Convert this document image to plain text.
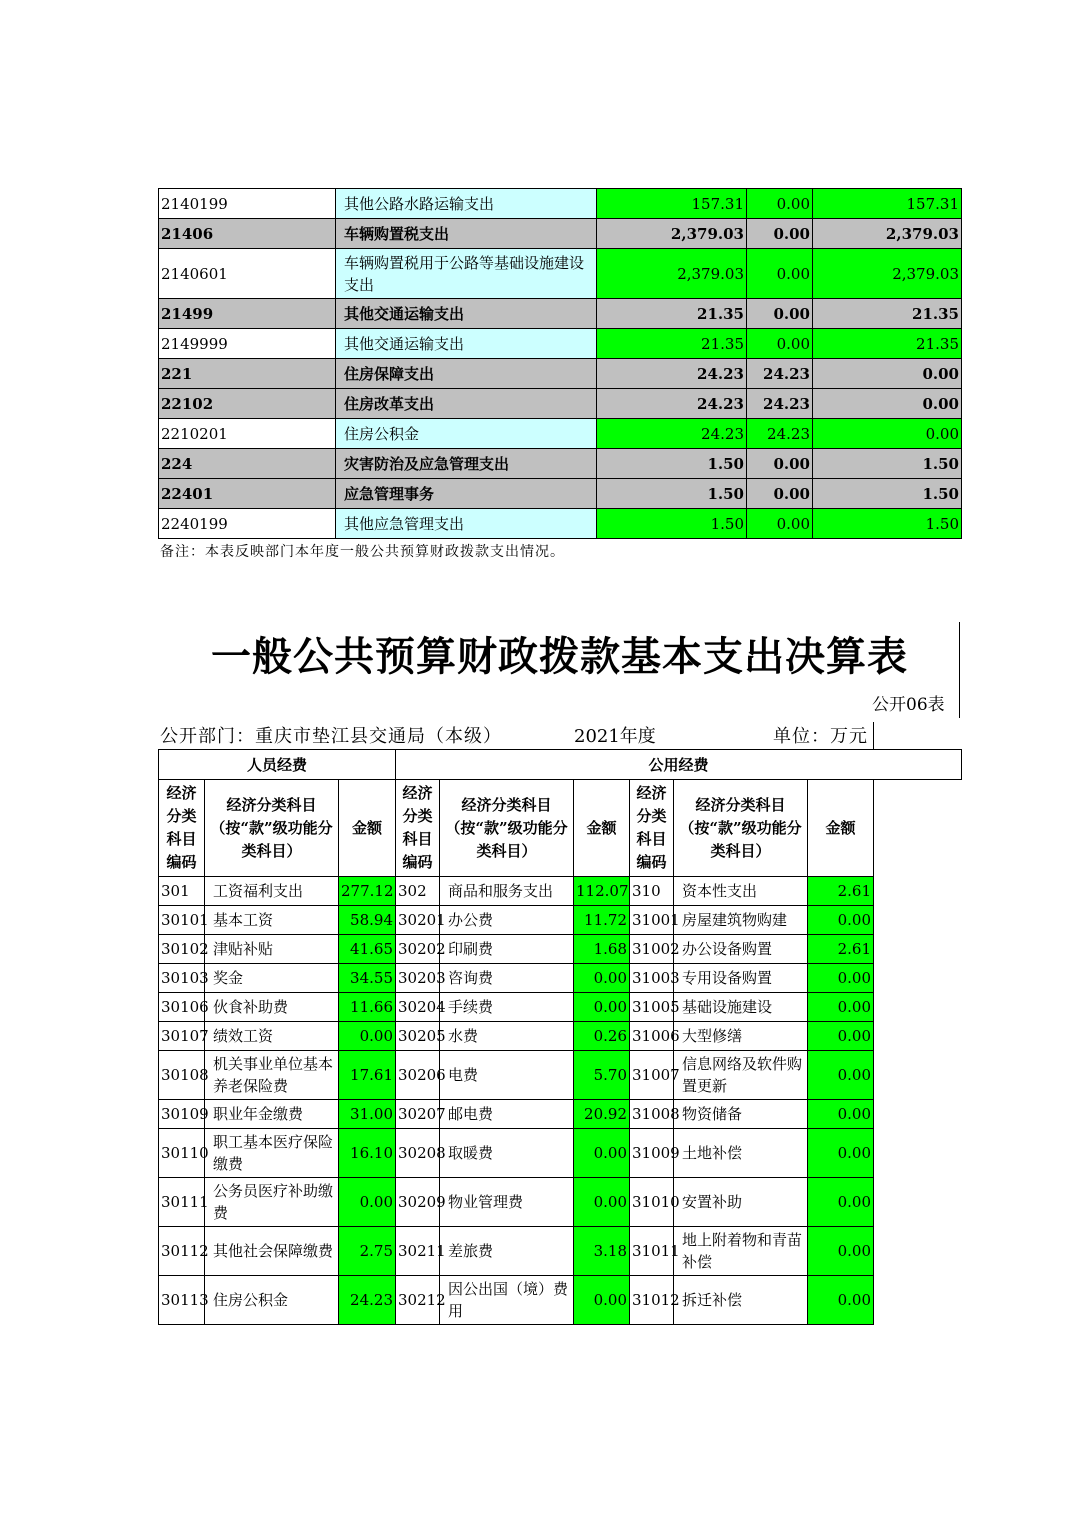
2140199	其他公路水路运输支出	157.31	0.00	157.31
21406	车辆购置税支出	2,379.03	0.00	2,379.03
2140601	车辆购置税用于公路等基础设施建设支出	2,379.03	0.00	2,379.03
21499	其他交通运输支出	21.35	0.00	21.35
2149999	其他交通运输支出	21.35	0.00	21.35
221	住房保障支出	24.23	24.23	0.00
22102	住房改革支出	24.23	24.23	0.00
2210201	住房公积金	24.23	24.23	0.00
224	灾害防治及应急管理支出	1.50	0.00	1.50
22401	应急管理事务	1.50	0.00	1.50
2240199	其他应急管理支出	1.50	0.00	1.50
备注：本表反映部门本年度一般公共预算财政拨款支出情况。
一般公共预算财政拨款基本支出决算表
公开06表
公开部门：重庆市垫江县交通局（本级）	2021年度	单位：万元
人员经费	公用经费
经济分类科目编码	经济分类科目（按“款”级功能分类科目）	金额	经济分类科目编码	经济分类科目（按“款”级功能分类科目）	金额	经济分类科目编码	经济分类科目（按“款”级功能分类科目）	金额
301	工资福利支出	277.12	302	商品和服务支出	112.07	310	资本性支出	2.61
30101	基本工资	58.94	30201	办公费	11.72	31001	房屋建筑物购建	0.00
30102	津贴补贴	41.65	30202	印刷费	1.68	31002	办公设备购置	2.61
30103	奖金	34.55	30203	咨询费	0.00	31003	专用设备购置	0.00
30106	伙食补助费	11.66	30204	手续费	0.00	31005	基础设施建设	0.00
30107	绩效工资	0.00	30205	水费	0.26	31006	大型修缮	0.00
30108	机关事业单位基本养老保险费	17.61	30206	电费	5.70	31007	信息网络及软件购置更新	0.00
30109	职业年金缴费	31.00	30207	邮电费	20.92	31008	物资储备	0.00
30110	职工基本医疗保险缴费	16.10	30208	取暖费	0.00	31009	土地补偿	0.00
30111	公务员医疗补助缴费	0.00	30209	物业管理费	0.00	31010	安置补助	0.00
30112	其他社会保障缴费	2.75	30211	差旅费	3.18	31011	地上附着物和青苗补偿	0.00
30113	住房公积金	24.23	30212	因公出国（境）费用	0.00	31012	拆迁补偿	0.00
